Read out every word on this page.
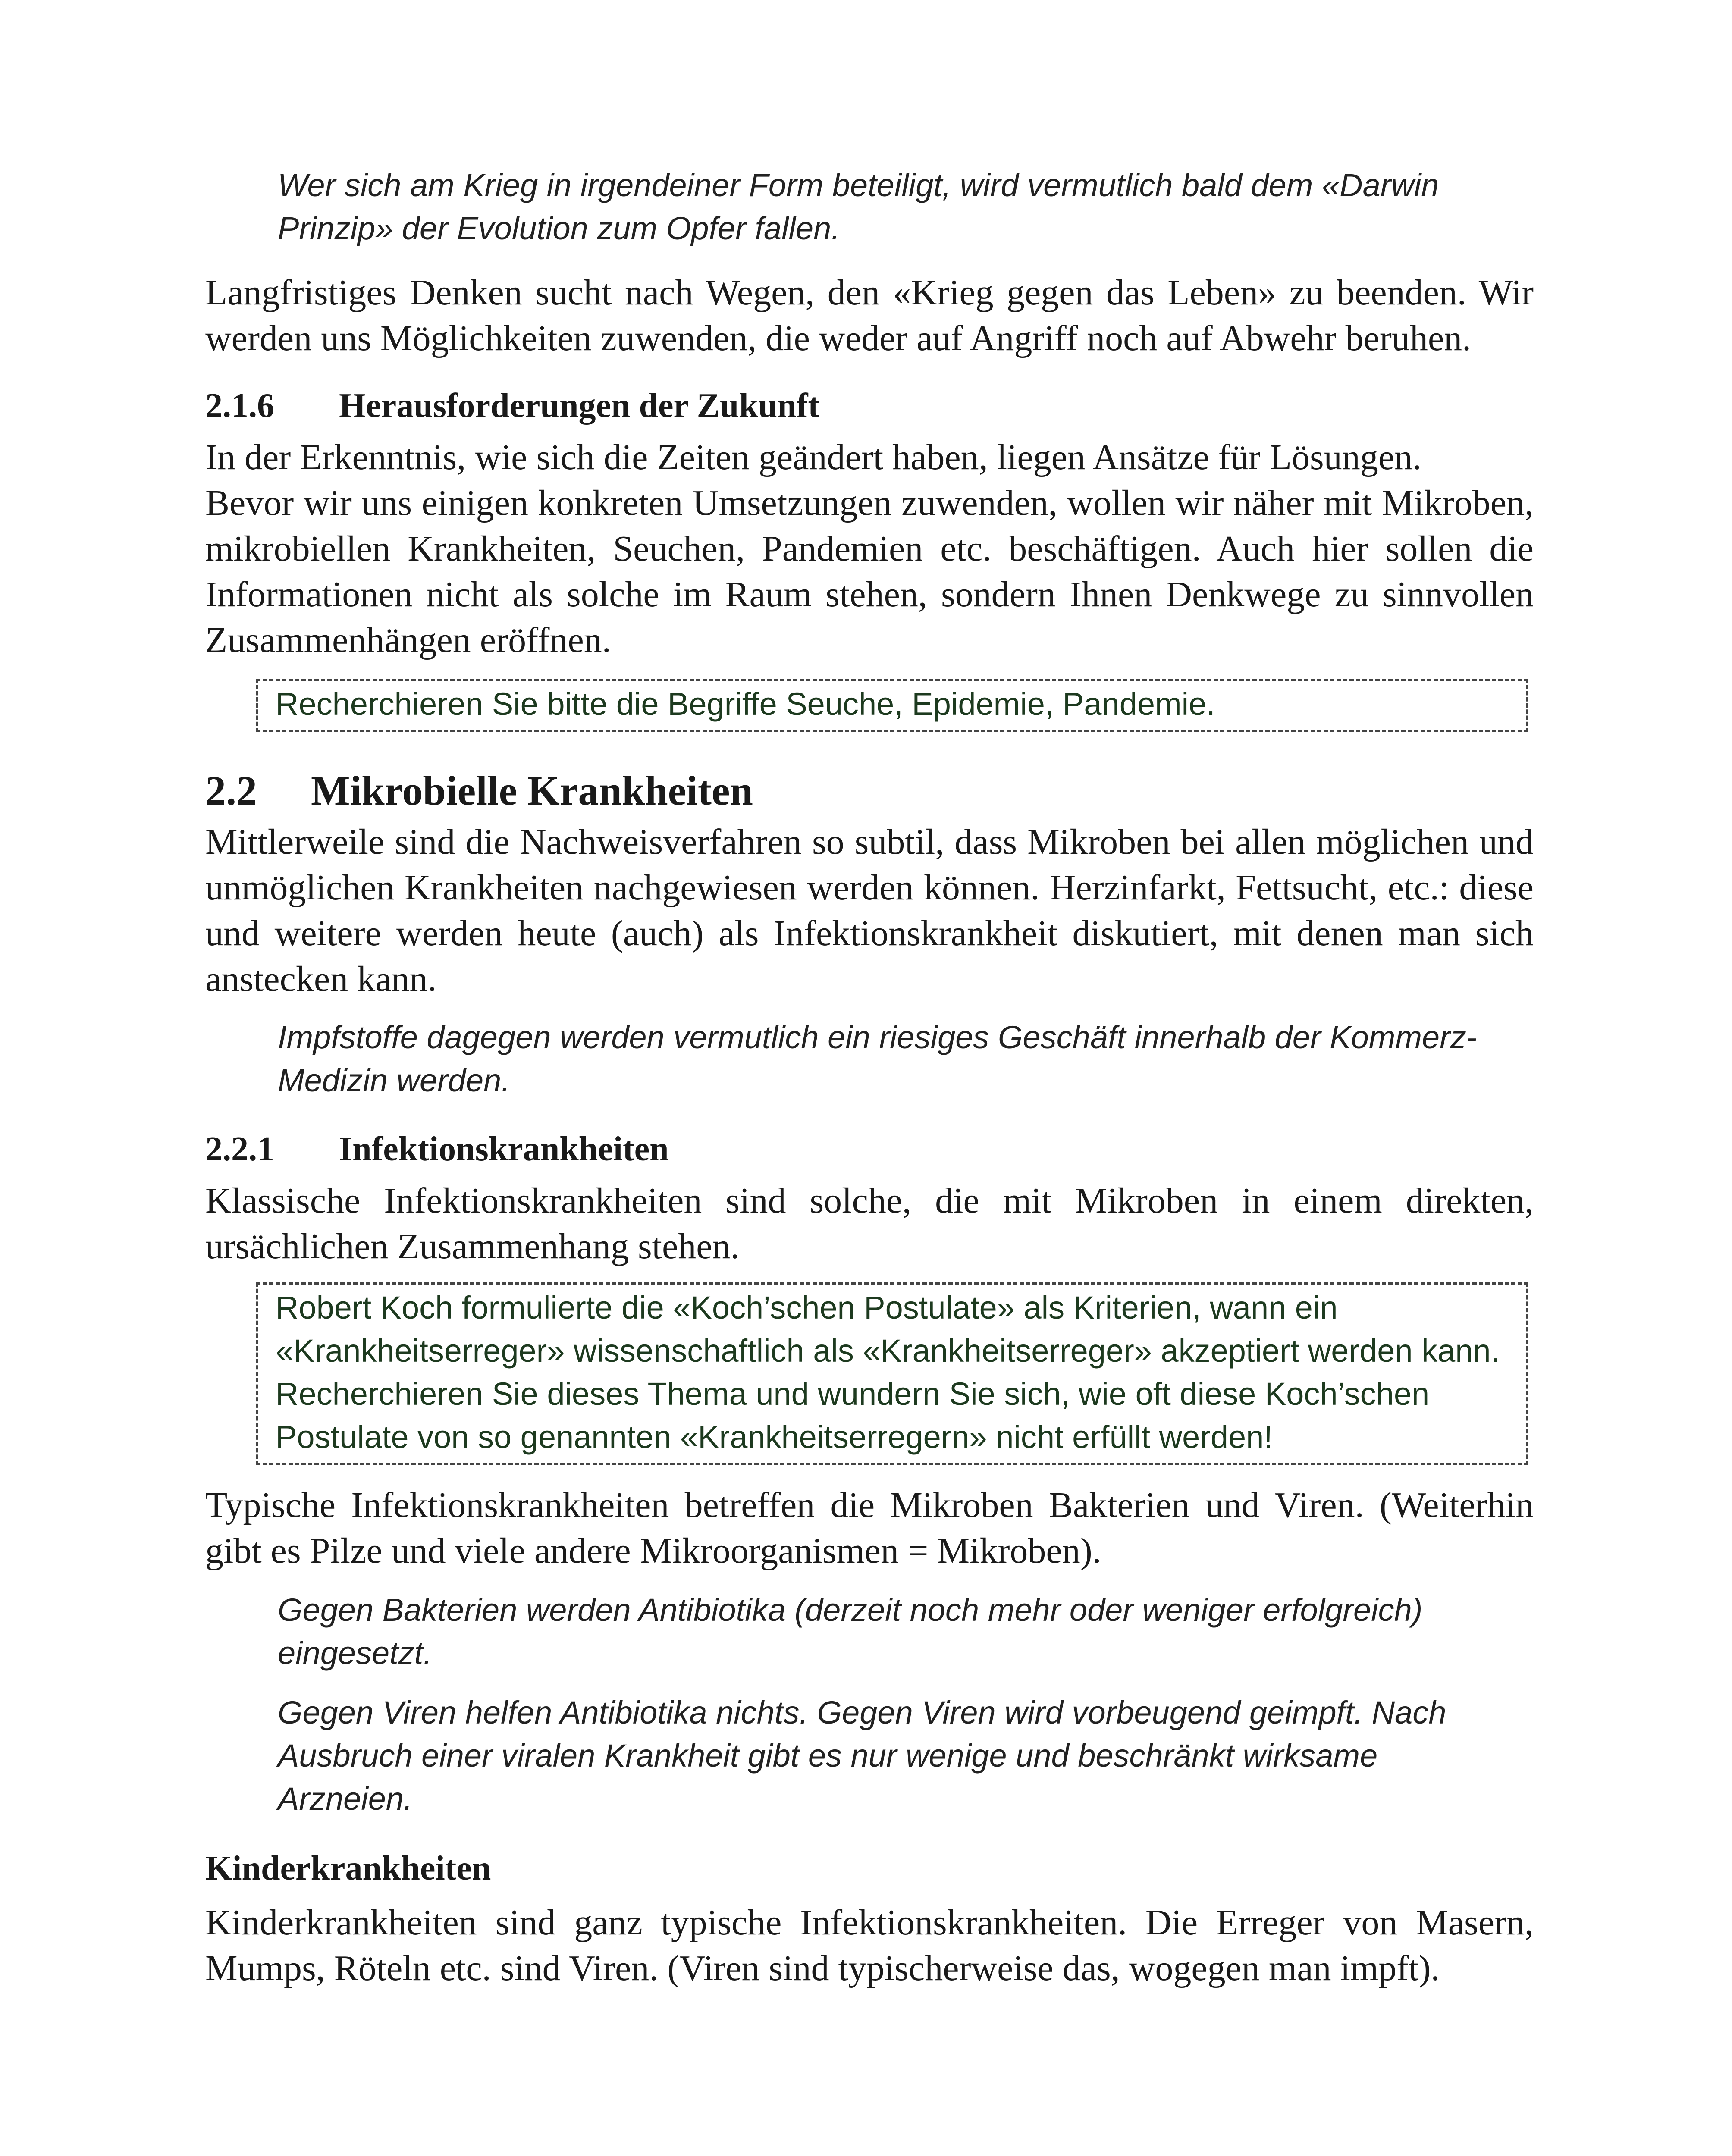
Wer sich am Krieg in irgendeiner Form beteiligt, wird vermutlich bald dem «Darwin Prinzip» der Evolution zum Opfer fallen.

Langfristiges Denken sucht nach Wegen, den «Krieg gegen das Leben» zu beenden. Wir werden uns Möglichkeiten zuwenden, die weder auf Angriff noch auf Abwehr beruhen.

2.1.6	Herausforderungen der Zukunft

In der Erkenntnis, wie sich die Zeiten geändert haben, liegen Ansätze für Lösungen.

Bevor wir uns einigen konkreten Umsetzungen zuwenden, wollen wir näher mit Mikroben, mikrobiellen Krankheiten, Seuchen, Pandemien etc. beschäftigen. Auch hier sollen die Informationen nicht als solche im Raum stehen, sondern Ihnen Denkwege zu sinnvollen Zusammenhängen eröffnen.

Recherchieren Sie bitte die Begriffe Seuche, Epidemie, Pandemie.
2.2	Mikrobielle Krankheiten

Mittlerweile sind die Nachweisverfahren so subtil, dass Mikroben bei allen möglichen und unmöglichen Krankheiten nachgewiesen werden können. Herzinfarkt, Fettsucht, etc.: diese und weitere werden heute (auch) als Infektionskrankheit diskutiert, mit denen man sich anstecken kann.

Impfstoffe dagegen werden vermutlich ein riesiges Geschäft innerhalb der Kommerz-Medizin werden.

2.2.1	Infektionskrankheiten

Klassische Infektionskrankheiten sind solche, die mit Mikroben in einem direkten, ursächlichen Zusammenhang stehen.

Robert Koch formulierte die «Koch’schen Postulate» als Kriterien, wann ein «Krankheitserreger» wissenschaftlich als «Krankheitserreger» akzeptiert werden kann. Recherchieren Sie dieses Thema und wundern Sie sich, wie oft diese Koch’schen Postulate von so genannten «Krankheitserregern» nicht erfüllt werden!

Typische Infektionskrankheiten betreffen die Mikroben Bakterien und Viren. (Weiterhin gibt es Pilze und viele andere Mikroorganismen = Mikroben).

Gegen Bakterien werden Antibiotika (derzeit noch mehr oder weniger erfolgreich) eingesetzt.

Gegen Viren helfen Antibiotika nichts. Gegen Viren wird vorbeugend geimpft. Nach Ausbruch einer viralen Krankheit gibt es nur wenige und beschränkt wirksame Arzneien.

Kinderkrankheiten

Kinderkrankheiten sind ganz typische Infektionskrankheiten. Die Erreger von Masern, Mumps, Röteln etc. sind Viren. (Viren sind typischerweise das, wogegen man impft).
